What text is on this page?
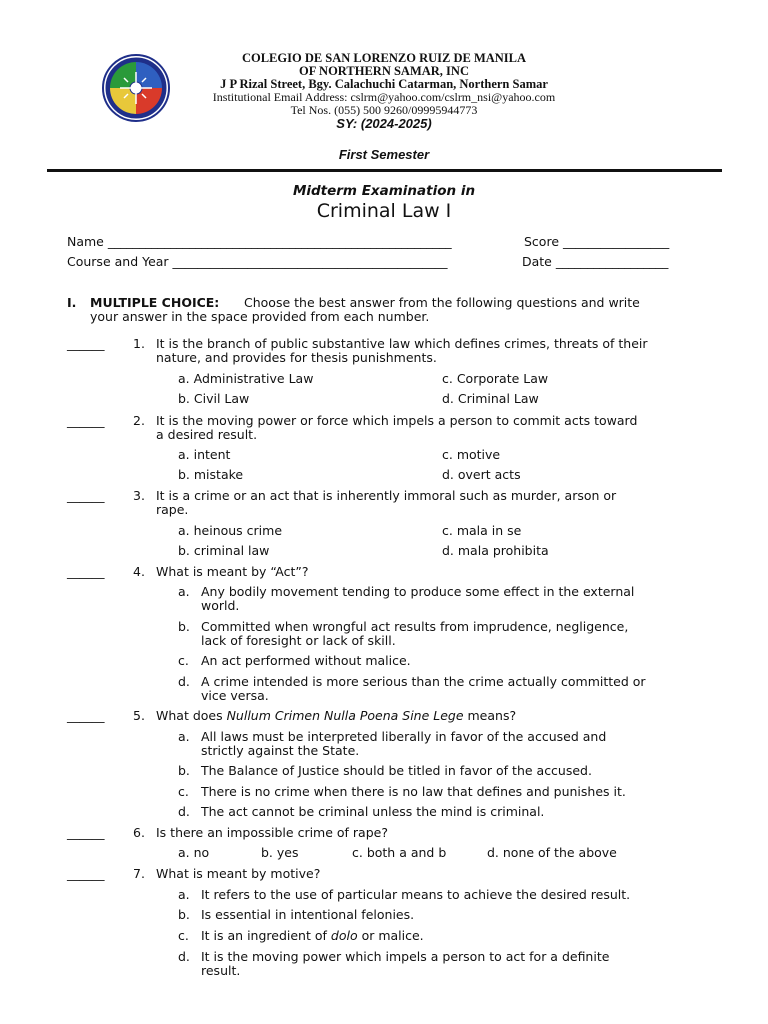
COLEGIO DE SAN LORENZO RUIZ DE MANILA
OF NORTHERN SAMAR, INC
J P Rizal Street, Bgy. Calachuchi Catarman, Northern Samar
Institutional Email Address: cslrm@yahoo.com/cslrm_nsi@yahoo.com
Tel Nos. (055) 500 9260/09995944773
SY: (2024-2025)
First Semester
Midterm Examination in
Criminal Law I
Name _______________________________________________________	Score _________________
Course and Year ____________________________________________	Date __________________
I. MULTIPLE CHOICE: Choose the best answer from the following questions and write
your answer in the space provided from each number.
______ 1. It is the branch of public substantive law which defines crimes, threats of their
nature, and provides for thesis punishments.
a. Administrative Law	c. Corporate Law
b. Civil Law	d. Criminal Law
______ 2. It is the moving power or force which impels a person to commit acts toward
a desired result.
a. intent	c. motive
b. mistake	d. overt acts
______ 3. It is a crime or an act that is inherently immoral such as murder, arson or
rape.
a. heinous crime	c. mala in se
b. criminal law	d. mala prohibita
______ 4. What is meant by “Act”?
a. Any bodily movement tending to produce some effect in the external
world.
b. Committed when wrongful act results from imprudence, negligence,
lack of foresight or lack of skill.
c. An act performed without malice.
d. A crime intended is more serious than the crime actually committed or
vice versa.
______ 5. What does Nullum Crimen Nulla Poena Sine Lege means?
a. All laws must be interpreted liberally in favor of the accused and
strictly against the State.
b. The Balance of Justice should be titled in favor of the accused.
c. There is no crime when there is no law that defines and punishes it.
d. The act cannot be criminal unless the mind is criminal.
______ 6. Is there an impossible crime of rape?
a. no	b. yes	c. both a and b	d. none of the above
______ 7. What is meant by motive?
a. It refers to the use of particular means to achieve the desired result.
b. Is essential in intentional felonies.
c. It is an ingredient of dolo or malice.
d. It is the moving power which impels a person to act for a definite
result.
